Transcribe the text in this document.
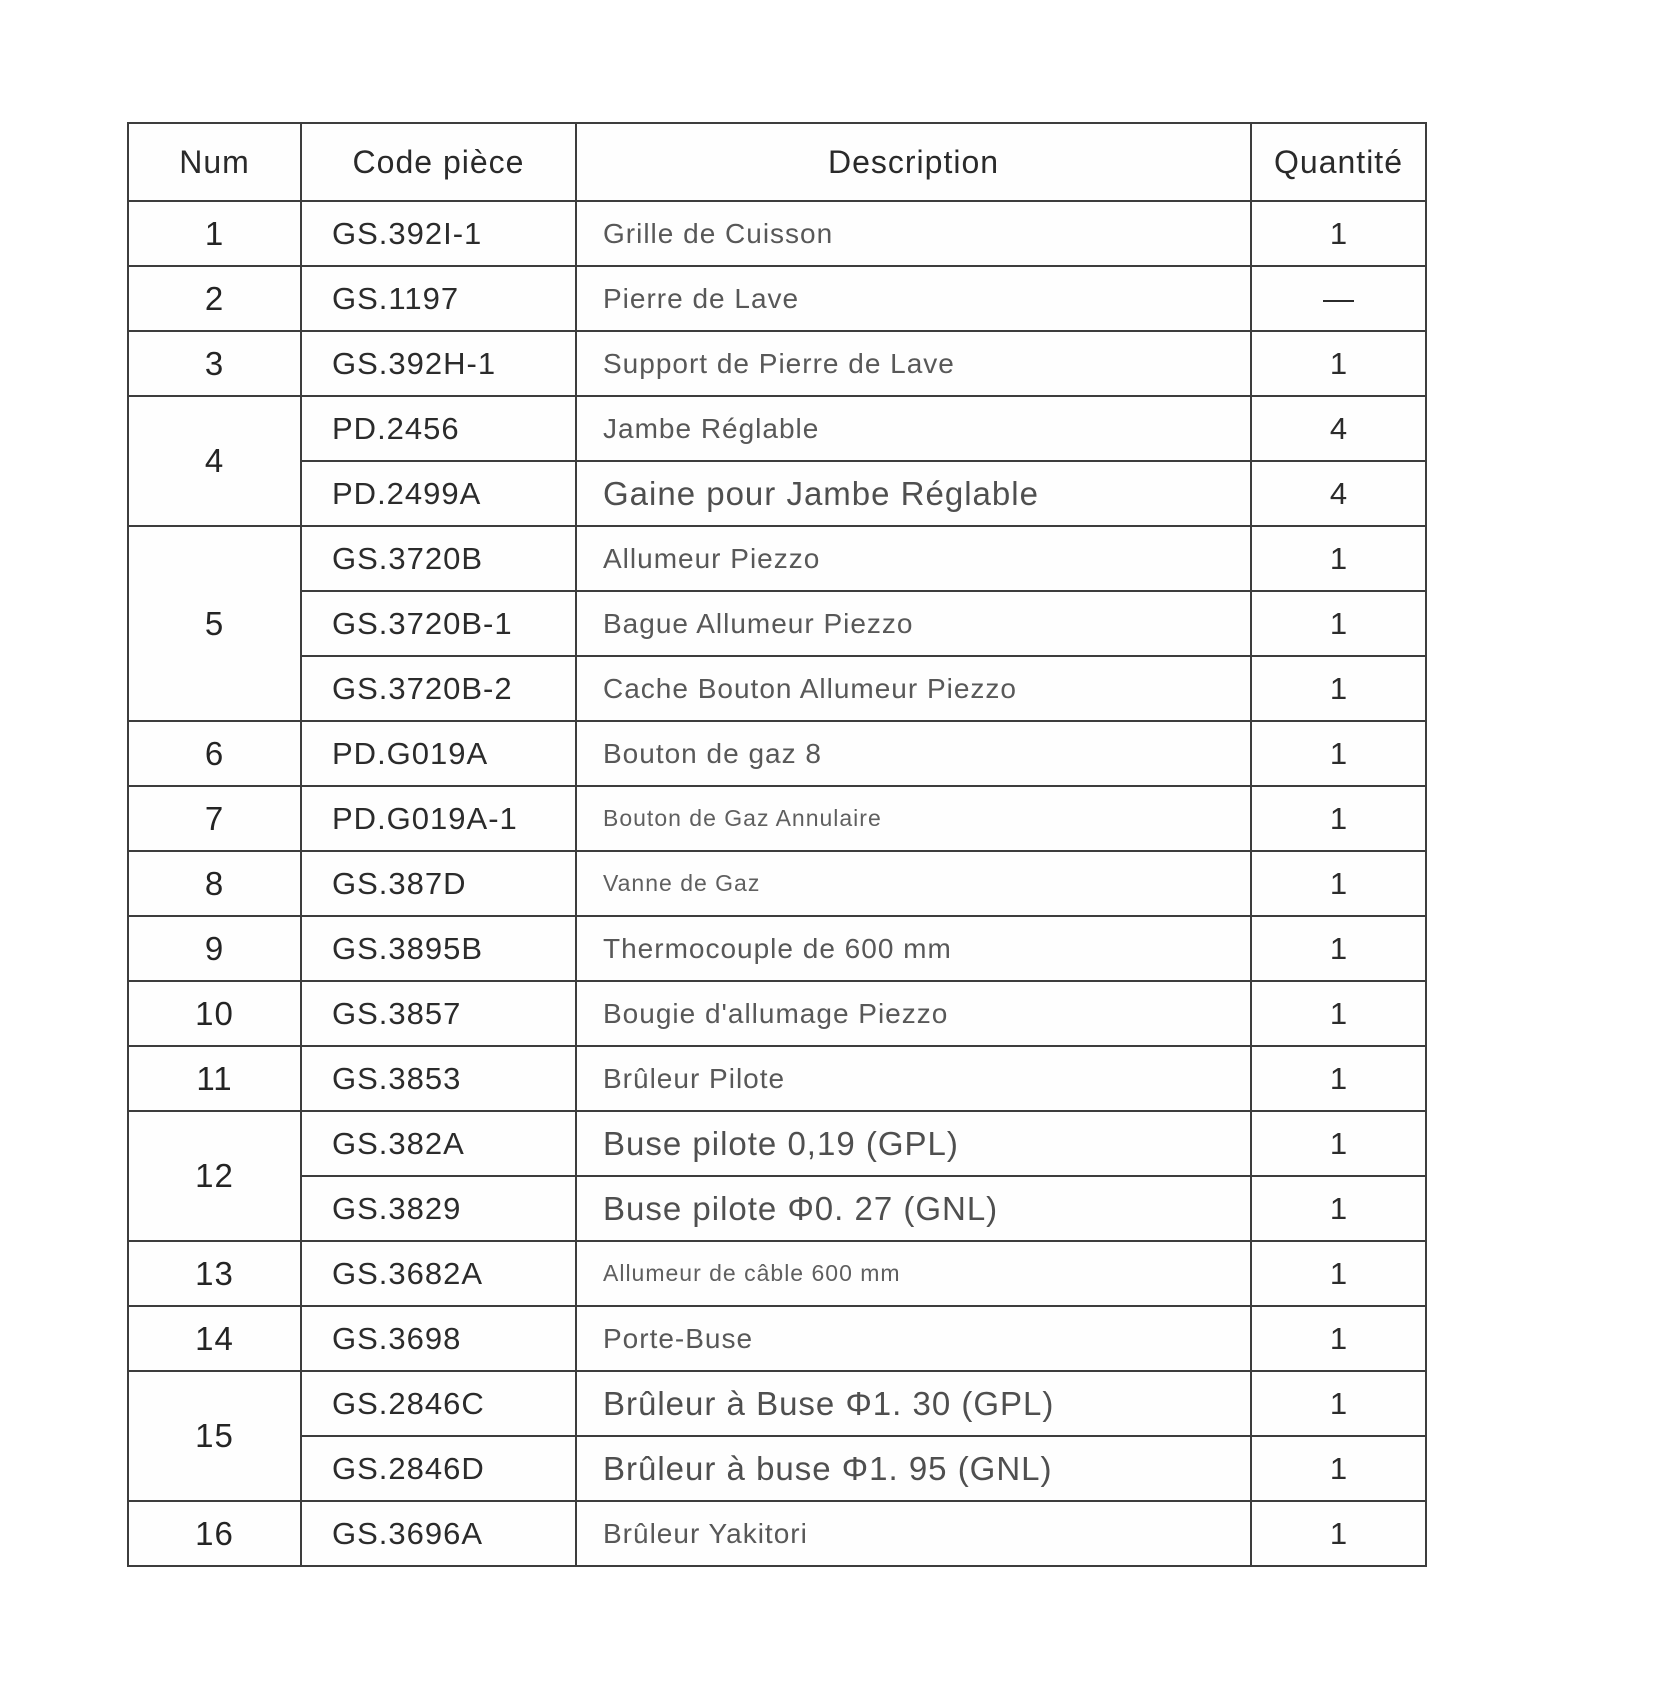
Num	Code pièce	Description	Quantité
1	GS.392I-1	Grille de Cuisson	1
2	GS.1197	Pierre de Lave	—
3	GS.392H-1	Support de Pierre de Lave	1
4	PD.2456	Jambe Réglable	4
	PD.2499A	Gaine pour Jambe Réglable	4
5	GS.3720B	Allumeur Piezzo	1
	GS.3720B-1	Bague Allumeur Piezzo	1
	GS.3720B-2	Cache Bouton Allumeur Piezzo	1
6	PD.G019A	Bouton de gaz 8	1
7	PD.G019A-1	Bouton de Gaz Annulaire	1
8	GS.387D	Vanne de Gaz	1
9	GS.3895B	Thermocouple de 600 mm	1
10	GS.3857	Bougie d'allumage Piezzo	1
11	GS.3853	Brûleur Pilote	1
12	GS.382A	Buse pilote 0,19 (GPL)	1
	GS.3829	Buse pilote Φ0. 27 (GNL)	1
13	GS.3682A	Allumeur de câble 600 mm	1
14	GS.3698	Porte-Buse	1
15	GS.2846C	Brûleur à Buse Φ1. 30 (GPL)	1
	GS.2846D	Brûleur à buse Φ1. 95 (GNL)	1
16	GS.3696A	Brûleur Yakitori	1
